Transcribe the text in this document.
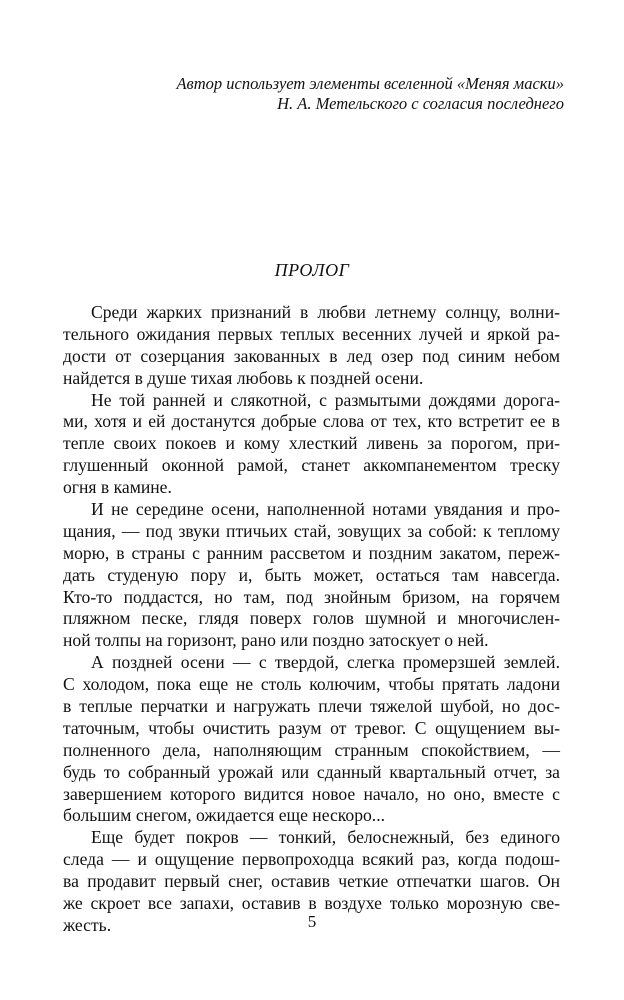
Автор использует элементы вселенной «Меняя маски»
Н. А. Метельского с согласия последнего
ПРОЛОГ
Среди жарких признаний в любви летнему солнцу, волни-
тельного ожидания первых теплых весенних лучей и яркой ра-
дости от созерцания закованных в лед озер под синим небом
найдется в душе тихая любовь к поздней осени.
Не той ранней и слякотной, с размытыми дождями дорога-
ми, хотя и ей достанутся добрые слова от тех, кто встретит ее в
тепле своих покоев и кому хлесткий ливень за порогом, при-
глушенный оконной рамой, станет аккомпанементом треску
огня в камине.
И не середине осени, наполненной нотами увядания и про-
щания, — под звуки птичьих стай, зовущих за собой: к теплому
морю, в страны с ранним рассветом и поздним закатом, переж-
дать студеную пору и, быть может, остаться там навсегда.
Кто-то поддастся, но там, под знойным бризом, на горячем
пляжном песке, глядя поверх голов шумной и многочислен-
ной толпы на горизонт, рано или поздно затоскует о ней.
А поздней осени — с твердой, слегка промерзшей землей.
С холодом, пока еще не столь колючим, чтобы прятать ладони
в теплые перчатки и нагружать плечи тяжелой шубой, но дос-
таточным, чтобы очистить разум от тревог. С ощущением вы-
полненного дела, наполняющим странным спокойствием, —
будь то собранный урожай или сданный квартальный отчет, за
завершением которого видится новое начало, но оно, вместе с
большим снегом, ожидается еще нескоро...
Еще будет покров — тонкий, белоснежный, без единого
следа — и ощущение первопроходца всякий раз, когда подош-
ва продавит первый снег, оставив четкие отпечатки шагов. Он
же скроет все запахи, оставив в воздухе только морозную све-
жесть.	5
